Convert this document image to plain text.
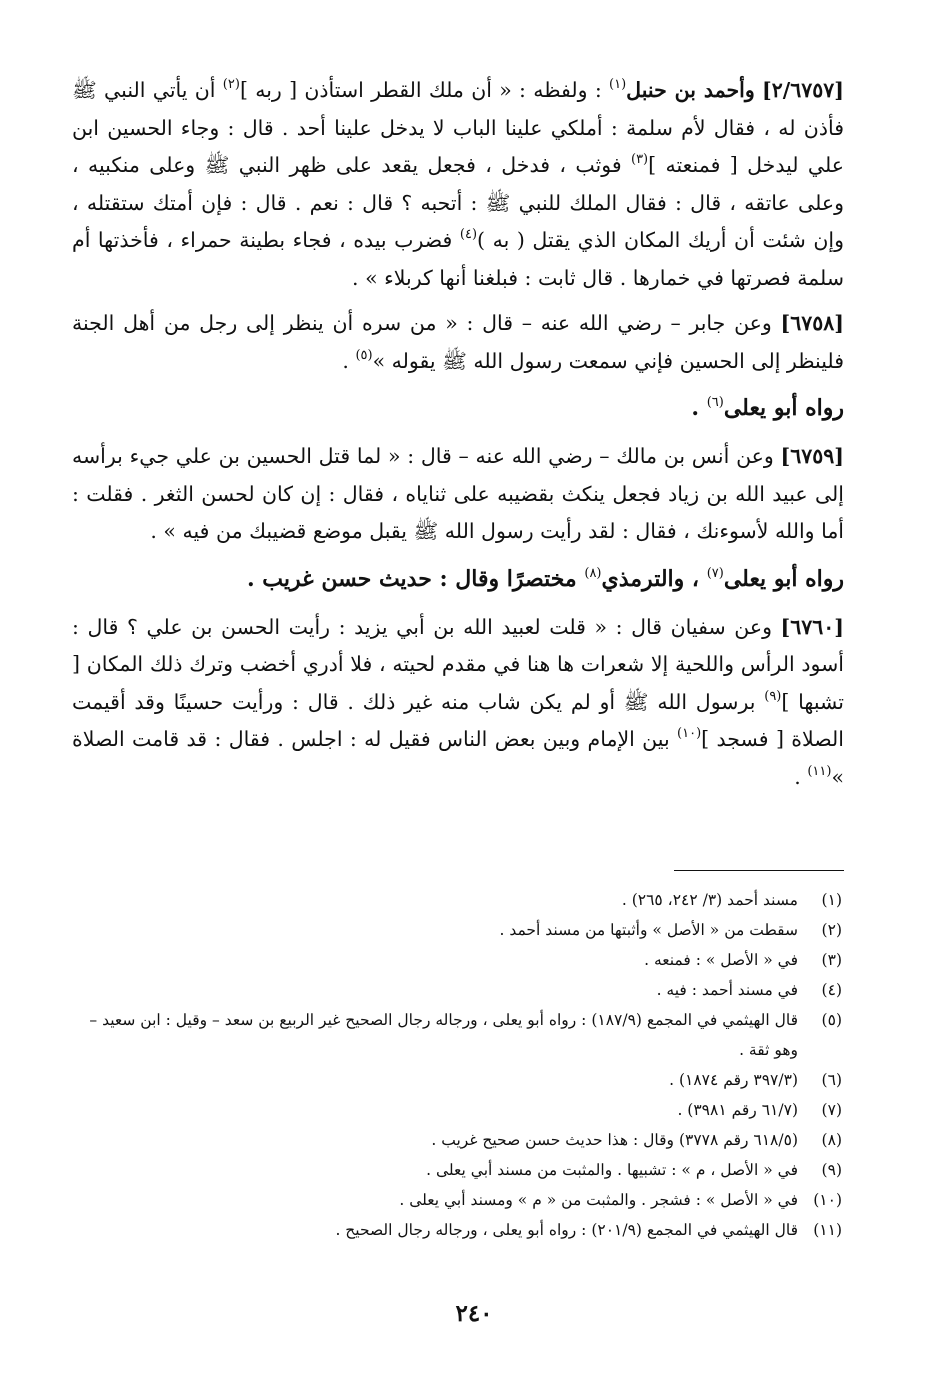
[٢/٦٧٥٧] وأحمد بن حنبل$^{(١)}$ : ولفظه : « أن ملك القطر استأذن [ ربه ]$^{(٢)}$ أن يأتي النبي ﷺ فأذن له ، فقال لأم سلمة : أملكي علينا الباب لا يدخل علينا أحد . قال : وجاء الحسين ابن علي ليدخل [ فمنعته ]$^{(٣)}$ فوثب ، فدخل ، فجعل يقعد على ظهر النبي ﷺ وعلى منكبيه ، وعلى عاتقه ، قال : فقال الملك للنبي ﷺ : أتحبه ؟ قال : نعم . قال : فإن أمتك ستقتله ، وإن شئت أن أريك المكان الذي يقتل ( به )$^{(٤)}$ فضرب بيده ، فجاء بطينة حمراء ، فأخذتها أم سلمة فصرتها في خمارها . قال ثابت : فبلغنا أنها كربلاء » .

[٦٧٥٨] وعن جابر – رضي الله عنه – قال : « من سره أن ينظر إلى رجل من أهل الجنة فلينظر إلى الحسين فإني سمعت رسول الله ﷺ يقوله »$^{(٥)}$ .

رواه أبو يعلى$^{(٦)}$ .

[٦٧٥٩] وعن أنس بن مالك – رضي الله عنه – قال : « لما قتل الحسين بن علي جيء برأسه إلى عبيد الله بن زياد فجعل ينكث بقضيبه على ثناياه ، فقال : إن كان لحسن الثغر . فقلت : أما والله لأسوءنك ، فقال : لقد رأيت رسول الله ﷺ يقبل موضع قضيبك من فيه » .

رواه أبو يعلى$^{(٧)}$ ، والترمذي$^{(٨)}$ مختصرًا وقال : حديث حسن غريب .

[٦٧٦٠] وعن سفيان قال : « قلت لعبيد الله بن أبي يزيد : رأيت الحسن بن علي ؟ قال : أسود الرأس واللحية إلا شعرات ها هنا في مقدم لحيته ، فلا أدري أخضب وترك ذلك المكان [ تشبها ]$^{(٩)}$ برسول الله ﷺ أو لم يكن شاب منه غير ذلك . قال : ورأيت حسينًا وقد أقيمت الصلاة [ فسجد ]$^{(١٠)}$ بين الإمام وبين بعض الناس فقيل له : اجلس . فقال : قد قامت الصلاة »$^{(١١)}$ .

(١)
مسند أحمد (٣/ ٢٤٢، ٢٦٥) .
(٢)
سقطت من « الأصل » وأثبتها من مسند أحمد .
(٣)
في « الأصل » : فمنعه .
(٤)
في مسند أحمد : فيه .
(٥)
قال الهيثمي في المجمع (١٨٧/٩) : رواه أبو يعلى ، ورجاله رجال الصحيح غير الربيع بن سعد – وقيل : ابن سعيد – وهو ثقة .
(٦)
(٣٩٧/٣ رقم ١٨٧٤) .
(٧)
(٦١/٧ رقم ٣٩٨١) .
(٨)
(٦١٨/٥ رقم ٣٧٧٨) وقال : هذا حديث حسن صحيح غريب .
(٩)
في « الأصل ، م » : تشبيها . والمثبت من مسند أبي يعلى .
(١٠)
في « الأصل » : فشجر . والمثبت من « م » ومسند أبي يعلى .
(١١)
قال الهيثمي في المجمع (٢٠١/٩) : رواه أبو يعلى ، ورجاله رجال الصحيح .
٢٤٠
